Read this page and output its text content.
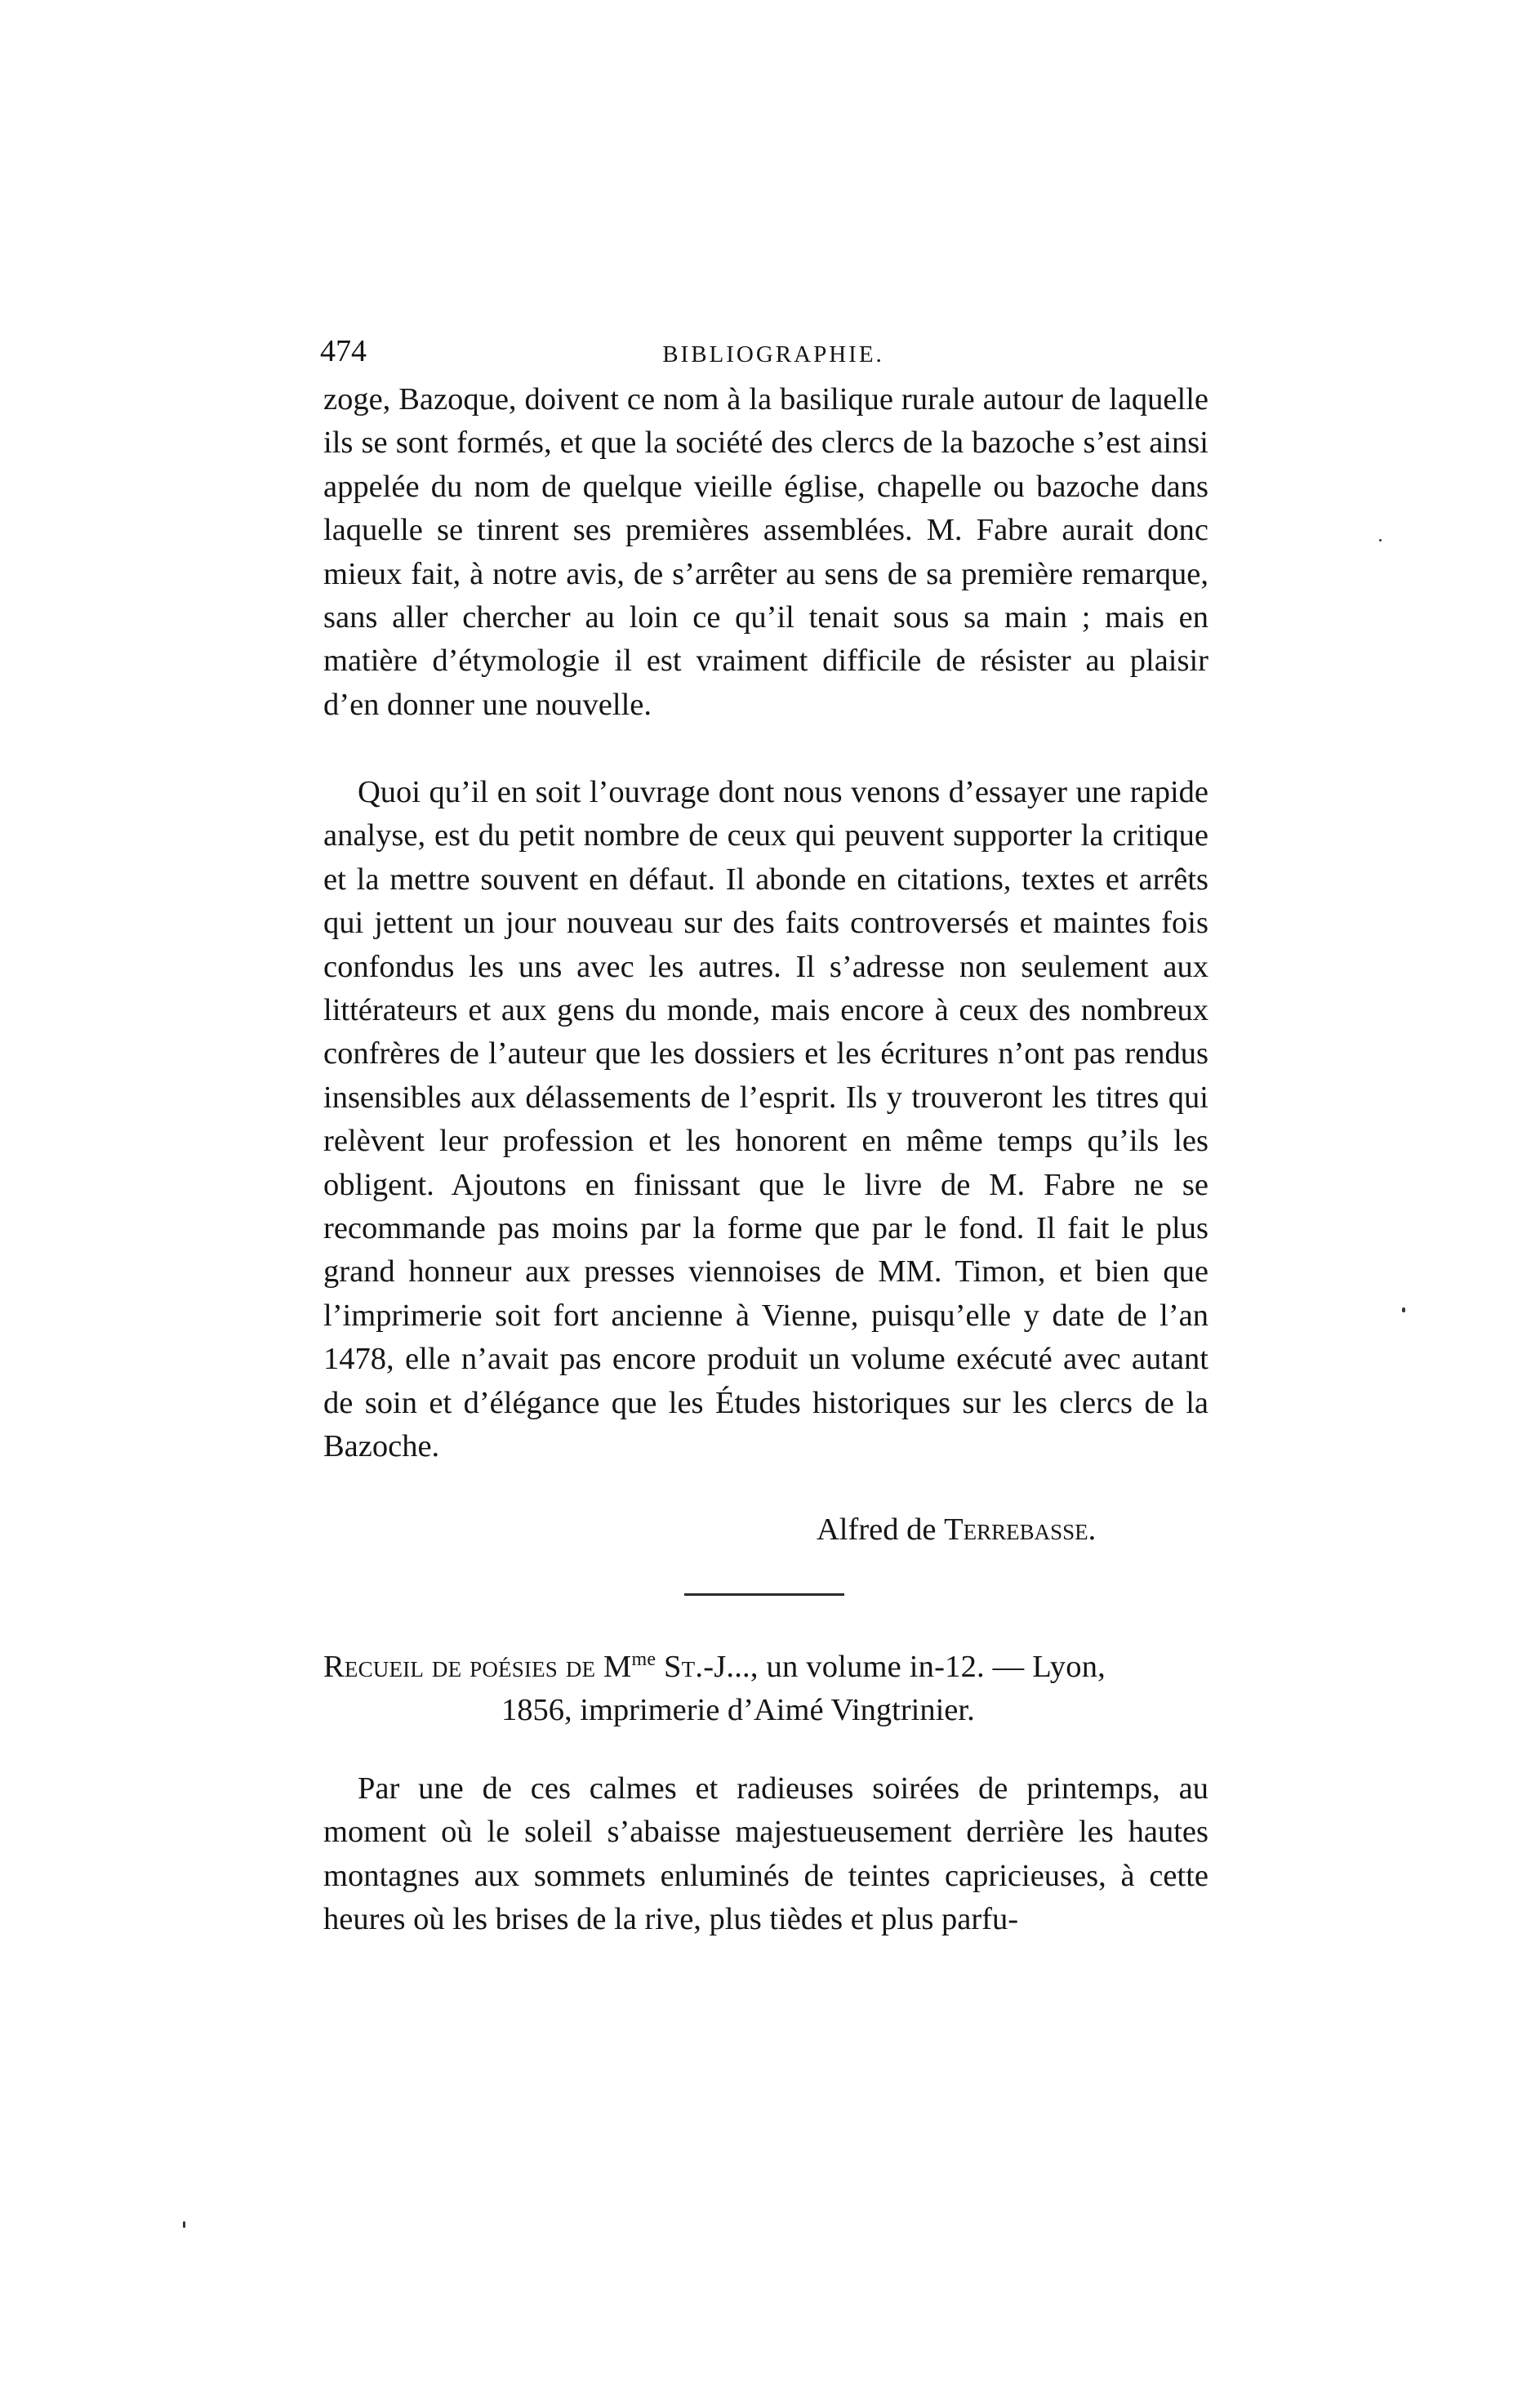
474	BIBLIOGRAPHIE.

zoge, Bazoque, doivent ce nom à la basilique rurale autour de laquelle ils se sont formés, et que la société des clercs de la bazoche s’est ainsi appelée du nom de quelque vieille église, chapelle ou bazoche dans laquelle se tinrent ses premières assemblées. M. Fabre aurait donc mieux fait, à notre avis, de s’arrêter au sens de sa première remarque, sans aller chercher au loin ce qu’il tenait sous sa main ; mais en matière d’étymologie il est vraiment difficile de résister au plaisir d’en donner une nouvelle.

Quoi qu’il en soit l’ouvrage dont nous venons d’essayer une rapide analyse, est du petit nombre de ceux qui peuvent supporter la critique et la mettre souvent en défaut. Il abonde en citations, textes et arrêts qui jettent un jour nouveau sur des faits controversés et maintes fois confondus les uns avec les autres. Il s’adresse non seulement aux littérateurs et aux gens du monde, mais encore à ceux des nombreux confrères de l’auteur que les dossiers et les écritures n’ont pas rendus insensibles aux délassements de l’esprit. Ils y trouveront les titres qui relèvent leur profession et les honorent en même temps qu’ils les obligent. Ajoutons en finissant que le livre de M. Fabre ne se recommande pas moins par la forme que par le fond. Il fait le plus grand honneur aux presses viennoises de MM. Timon, et bien que l’imprimerie soit fort ancienne à Vienne, puisqu’elle y date de l’an 1478, elle n’avait pas encore produit un volume exécuté avec autant de soin et d’élégance que les Études historiques sur les clercs de la Bazoche.

Alfred de Terrebasse.
Recueil de poésies de $M^{me}$ St.-J..., un volume in-12. — Lyon,
1856, imprimerie d’Aimé Vingtrinier.

Par une de ces calmes et radieuses soirées de printemps, au moment où le soleil s’abaisse majestueusement derrière les hautes montagnes aux sommets enluminés de teintes capricieuses, à cette heures où les brises de la rive, plus tièdes et plus parfu-
